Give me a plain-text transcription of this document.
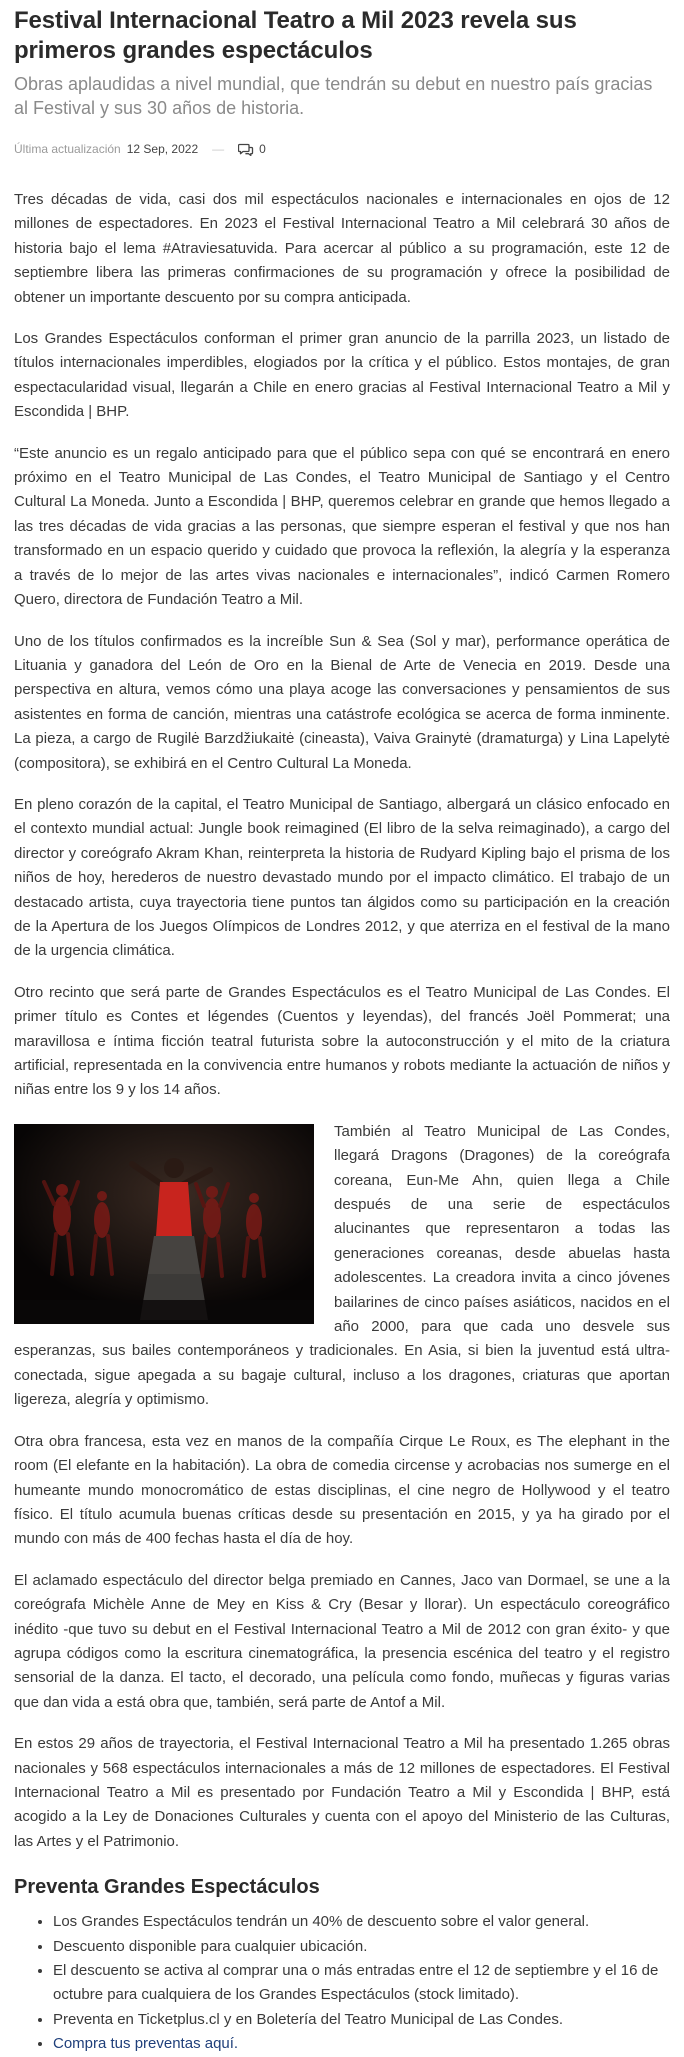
Festival Internacional Teatro a Mil 2023 revela sus primeros grandes espectáculos

Obras aplaudidas a nivel mundial, que tendrán su debut en nuestro país gracias al Festival y sus 30 años de historia.

Última actualización 12 Sep, 2022 —	0

Tres décadas de vida, casi dos mil espectáculos nacionales e internacionales en ojos de 12 millones de espectadores. En 2023 el Festival Internacional Teatro a Mil celebrará 30 años de historia bajo el lema #Atraviesatuvida. Para acercar al público a su programación, este 12 de septiembre libera las primeras confirmaciones de su programación y ofrece la posibilidad de obtener un importante descuento por su compra anticipada.

Los Grandes Espectáculos conforman el primer gran anuncio de la parrilla 2023, un listado de títulos internacionales imperdibles, elogiados por la crítica y el público. Estos montajes, de gran espectacularidad visual, llegarán a Chile en enero gracias al Festival Internacional Teatro a Mil y Escondida | BHP.

“Este anuncio es un regalo anticipado para que el público sepa con qué se encontrará en enero próximo en el Teatro Municipal de Las Condes, el Teatro Municipal de Santiago y el Centro Cultural La Moneda. Junto a Escondida | BHP, queremos celebrar en grande que hemos llegado a las tres décadas de vida gracias a las personas, que siempre esperan el festival y que nos han transformado en un espacio querido y cuidado que provoca la reflexión, la alegría y la esperanza a través de lo mejor de las artes vivas nacionales e internacionales”, indicó Carmen Romero Quero, directora de Fundación Teatro a Mil.

Uno de los títulos confirmados es la increíble Sun & Sea (Sol y mar), performance operática de Lituania y ganadora del León de Oro en la Bienal de Arte de Venecia en 2019. Desde una perspectiva en altura, vemos cómo una playa acoge las conversaciones y pensamientos de sus asistentes en forma de canción, mientras una catástrofe ecológica se acerca de forma inminente. La pieza, a cargo de Rugilė Barzdžiukaitė (cineasta), Vaiva Grainytė (dramaturga) y Lina Lapelytė (compositora), se exhibirá en el Centro Cultural La Moneda.

En pleno corazón de la capital, el Teatro Municipal de Santiago, albergará un clásico enfocado en el contexto mundial actual: Jungle book reimagined (El libro de la selva reimaginado), a cargo del director y coreógrafo Akram Khan, reinterpreta la historia de Rudyard Kipling bajo el prisma de los niños de hoy, herederos de nuestro devastado mundo por el impacto climático. El trabajo de un destacado artista, cuya trayectoria tiene puntos tan álgidos como su participación en la creación de la Apertura de los Juegos Olímpicos de Londres 2012, y que aterriza en el festival de la mano de la urgencia climática.

Otro recinto que será parte de Grandes Espectáculos es el Teatro Municipal de Las Condes. El primer título es Contes et légendes (Cuentos y leyendas), del francés Joël Pommerat; una maravillosa e íntima ficción teatral futurista sobre la autoconstrucción y el mito de la criatura artificial, representada en la convivencia entre humanos y robots mediante la actuación de niños y niñas entre los 9 y los 14 años.

También al Teatro Municipal de Las Condes, llegará Dragons (Dragones) de la coreógrafa coreana, Eun-Me Ahn, quien llega a Chile después de una serie de espectáculos alucinantes que representaron a todas las generaciones coreanas, desde abuelas hasta adolescentes. La creadora invita a cinco jóvenes bailarines de cinco países asiáticos, nacidos en el año 2000, para que cada uno desvele sus esperanzas, sus bailes contemporáneos y tradicionales. En Asia, si bien la juventud está ultra-conectada, sigue apegada a su bagaje cultural, incluso a los dragones, criaturas que aportan ligereza, alegría y optimismo.

Otra obra francesa, esta vez en manos de la compañía Cirque Le Roux, es The elephant in the room (El elefante en la habitación). La obra de comedia circense y acrobacias nos sumerge en el humeante mundo monocromático de estas disciplinas, el cine negro de Hollywood y el teatro físico. El título acumula buenas críticas desde su presentación en 2015, y ya ha girado por el mundo con más de 400 fechas hasta el día de hoy.

El aclamado espectáculo del director belga premiado en Cannes, Jaco van Dormael, se une a la coreógrafa Michèle Anne de Mey en Kiss & Cry (Besar y llorar). Un espectáculo coreográfico inédito -que tuvo su debut en el Festival Internacional Teatro a Mil de 2012 con gran éxito- y que agrupa códigos como la escritura cinematográfica, la presencia escénica del teatro y el registro sensorial de la danza. El tacto, el decorado, una película como fondo, muñecas y figuras varias que dan vida a está obra que, también, será parte de Antof a Mil.

En estos 29 años de trayectoria, el Festival Internacional Teatro a Mil ha presentado 1.265 obras nacionales y 568 espectáculos internacionales a más de 12 millones de espectadores. El Festival Internacional Teatro a Mil es presentado por Fundación Teatro a Mil y Escondida | BHP, está acogido a la Ley de Donaciones Culturales y cuenta con el apoyo del Ministerio de las Culturas, las Artes y el Patrimonio.

Preventa Grandes Espectáculos
• Los Grandes Espectáculos tendrán un 40% de descuento sobre el valor general.
• Descuento disponible para cualquier ubicación.
• El descuento se activa al comprar una o más entradas entre el 12 de septiembre y el 16 de octubre para cualquiera de los Grandes Espectáculos (stock limitado).
• Preventa en Ticketplus.cl y en Boletería del Teatro Municipal de Las Condes.
• Compra tus preventas aquí.
